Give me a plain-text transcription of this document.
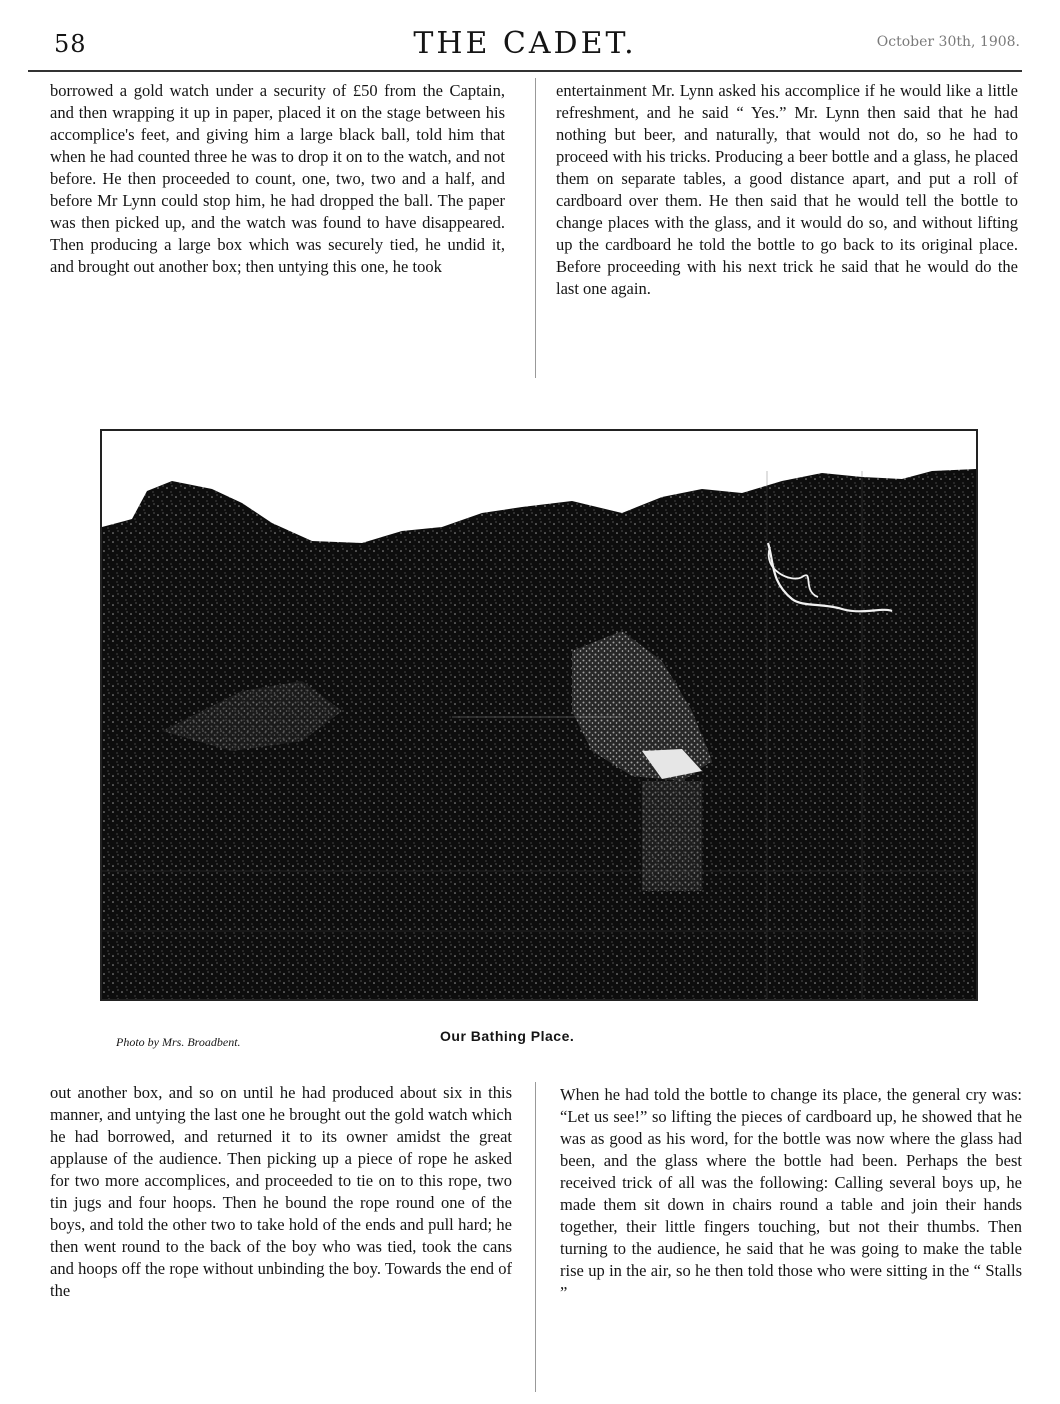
58	THE CADET.	October 30th, 1908.

borrowed a gold watch under a security of £50 from the Captain, and then wrapping it up in paper, placed it on the stage between his accomplice's feet, and giving him a large black ball, told him that when he had counted three he was to drop it on to the watch, and not before. He then proceeded to count, one, two, two and a half, and before Mr Lynn could stop him, he had dropped the ball. The paper was then picked up, and the watch was found to have disappeared. Then producing a large box which was securely tied, he undid it, and brought out another box; then untying this one, he took

entertainment Mr. Lynn asked his accomplice if he would like a little refreshment, and he said “ Yes.” Mr. Lynn then said that he had nothing but beer, and naturally, that would not do, so he had to proceed with his tricks. Producing a beer bottle and a glass, he placed them on separate tables, a good distance apart, and put a roll of cardboard over them. He then said that he would tell the bottle to change places with the glass, and it would do so, and without lifting up the cardboard he told the bottle to go back to its original place. Before proceeding with his next trick he said that he would do the last one again.

Photo by Mrs. Broadbent.	Our Bathing Place.

out another box, and so on until he had produced about six in this manner, and untying the last one he brought out the gold watch which he had borrowed, and returned it to its owner amidst the great applause of the audience. Then picking up a piece of rope he asked for two more accomplices, and proceeded to tie on to this rope, two tin jugs and four hoops. Then he bound the rope round one of the boys, and told the other two to take hold of the ends and pull hard; he then went round to the back of the boy who was tied, took the cans and hoops off the rope without unbinding the boy. Towards the end of the

When he had told the bottle to change its place, the general cry was: “Let us see!” so lifting the pieces of cardboard up, he showed that he was as good as his word, for the bottle was now where the glass had been, and the glass where the bottle had been. Perhaps the best received trick of all was the following: Calling several boys up, he made them sit down in chairs round a table and join their hands together, their little fingers touching, but not their thumbs. Then turning to the audience, he said that he was going to make the table rise up in the air, so he then told those who were sitting in the “ Stalls ”
